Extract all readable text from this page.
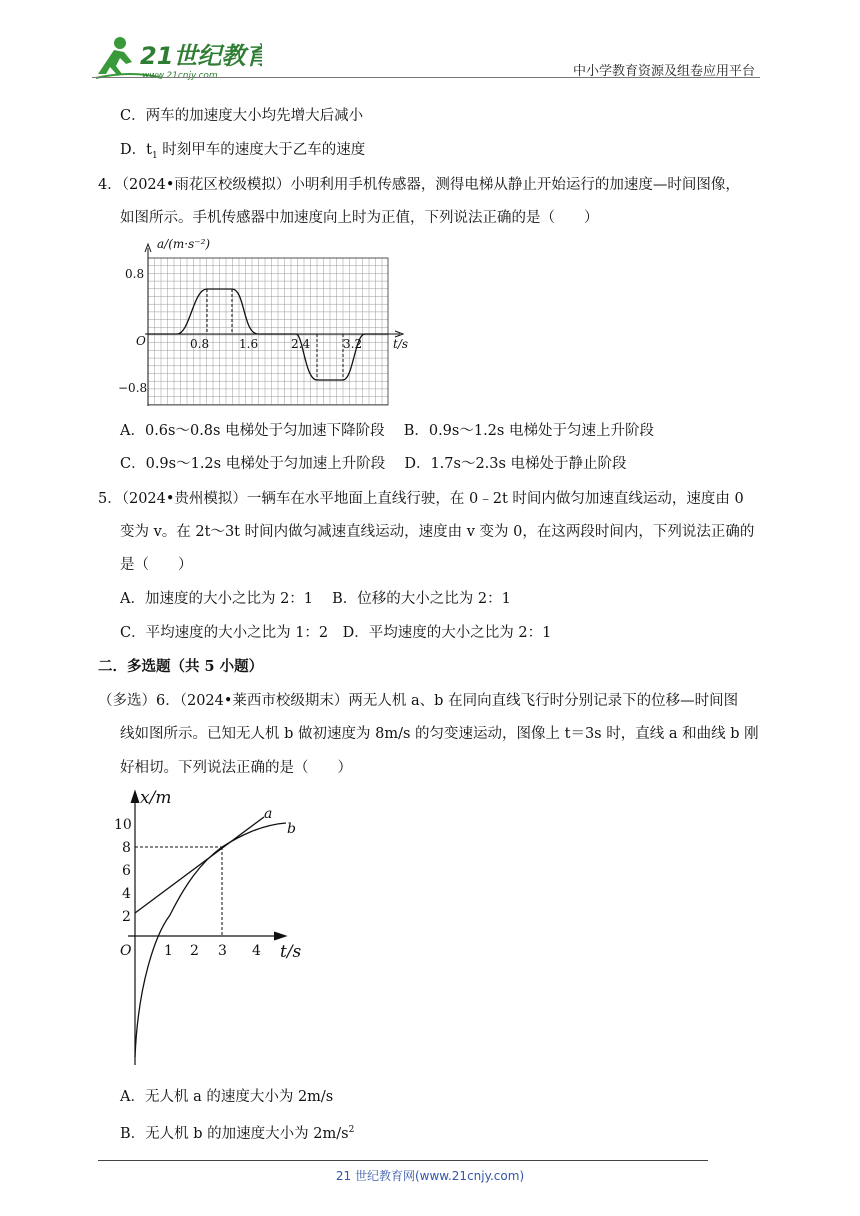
21世纪教育
www.21cnjy.com	中小学教育资源及组卷应用平台
C．两车的加速度大小均先增大后减小
D．$t_1$ 时刻甲车的速度大于乙车的速度
4．（2024•雨花区校级模拟）小明利用手机传感器，测得电梯从静止开始运行的加速度—时间图像，
如图所示。手机传感器中加速度向上时为正值，下列说法正确的是（　　）
a/(m·s⁻²)
t/s
O
0.8
−0.8
0.8 1.6	2.4	3.2
A．0.6s～0.8s 电梯处于匀加速下降阶段　 B．0.9s～1.2s 电梯处于匀速上升阶段
C．0.9s～1.2s 电梯处于匀加速上升阶段　 D．1.7s～2.3s 电梯处于静止阶段
5．（2024•贵州模拟）一辆车在水平地面上直线行驶，在 0﹣2t 时间内做匀加速直线运动，速度由 0
变为 v。在 2t～3t 时间内做匀减速直线运动，速度由 v 变为 0，在这两段时间内，下列说法正确的
是（　　）
A．加速度的大小之比为 2：1　 B．位移的大小之比为 2：1
C．平均速度的大小之比为 1：2　D．平均速度的大小之比为 2：1
二．多选题（共 5 小题）
（多选）6．（2024•莱西市校级期末）两无人机 a、b 在同向直线飞行时分别记录下的位移—时间图
线如图所示。已知无人机 b 做初速度为 8m/s 的匀变速运动，图像上 t＝3s 时，直线 a 和曲线 b 刚
好相切。下列说法正确的是（　　）
x/m
t/s
O
10
8
6
4
2
1 2 3 4
a
b
A．无人机 a 的速度大小为 2m/s
B．无人机 b 的加速度大小为 $2m/s^2$
21 世纪教育网(www.21cnjy.com)
